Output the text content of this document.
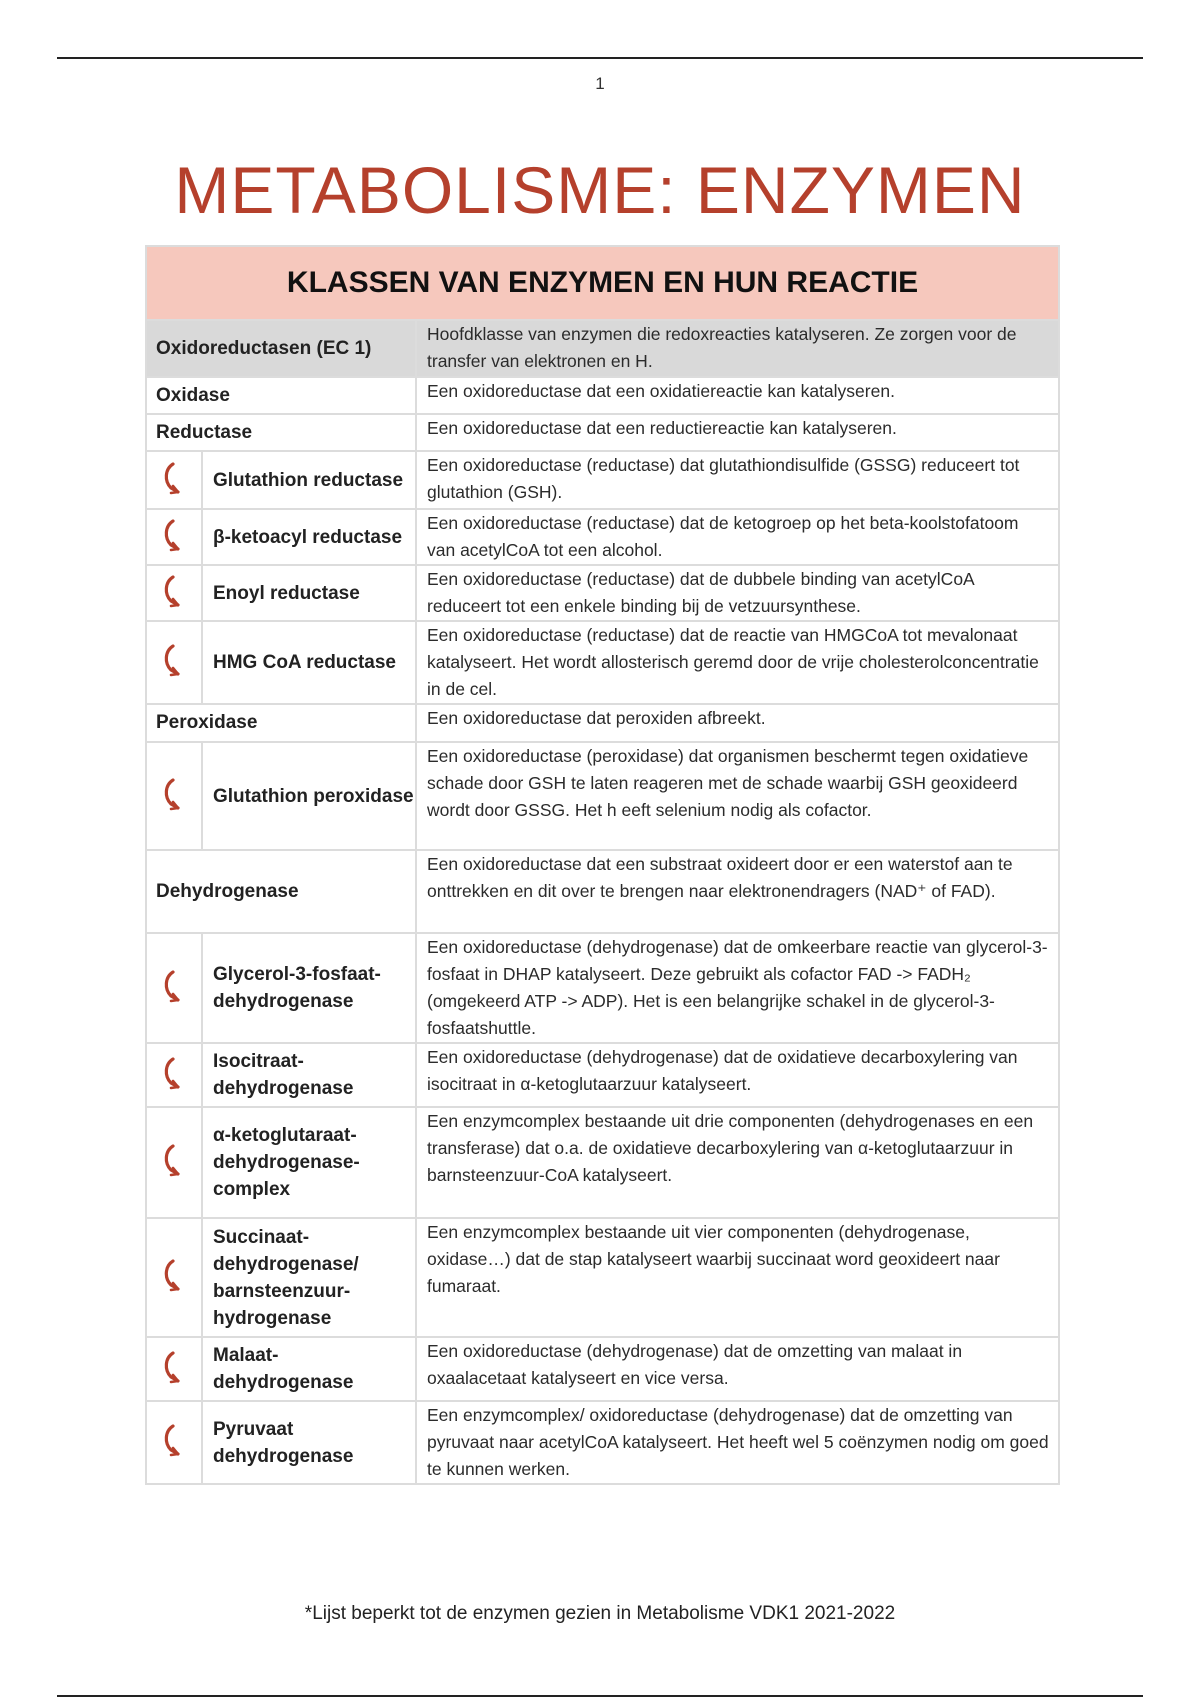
1
METABOLISME: ENZYMEN
KLASSEN VAN ENZYMEN EN HUN REACTIE		
Oxidoreductasen (EC 1)		Hoofdklasse van enzymen die redoxreacties katalyseren. Ze zorgen voor de transfer van elektronen en H.
Oxidase		Een oxidoreductase dat een oxidatiereactie kan katalyseren.
Reductase		Een oxidoreductase dat een reductiereactie kan katalyseren.
	Glutathion reductase	Een oxidoreductase (reductase) dat glutathiondisulfide (GSSG) reduceert tot glutathion (GSH).
	β-ketoacyl reductase	Een oxidoreductase (reductase) dat de ketogroep op het beta-koolstofatoom van acetylCoA tot een alcohol.
	Enoyl reductase	Een oxidoreductase (reductase) dat de dubbele binding van acetylCoA reduceert tot een enkele binding bij de vetzuursynthese.
	HMG CoA reductase	Een oxidoreductase (reductase) dat de reactie van HMGCoA tot mevalonaat katalyseert. Het wordt allosterisch geremd door de vrije cholesterolconcentratie in de cel.
Peroxidase		Een oxidoreductase dat peroxiden afbreekt.
	Glutathion peroxidase	Een oxidoreductase (peroxidase) dat organismen beschermt tegen oxidatieve schade door GSH te laten reageren met de schade waarbij GSH geoxideerd wordt door GSSG. Het h eeft selenium nodig als cofactor.
Dehydrogenase		Een oxidoreductase dat een substraat oxideert door er een waterstof aan te onttrekken en dit over te brengen naar elektronendragers (NAD⁺ of FAD).
	Glycerol-3-fosfaat-dehydrogenase	Een oxidoreductase (dehydrogenase) dat de omkeerbare reactie van glycerol-3-fosfaat in DHAP katalyseert. Deze gebruikt als cofactor FAD -> FADH₂ (omgekeerd ATP -> ADP). Het is een belangrijke schakel in de glycerol-3-fosfaatshuttle.
	Isocitraat-dehydrogenase	Een oxidoreductase (dehydrogenase) dat de oxidatieve decarboxylering van isocitraat in α-ketoglutaarzuur katalyseert.
	α-ketoglutaraat-dehydrogenase-complex	Een enzymcomplex bestaande uit drie componenten (dehydrogenases en een transferase) dat o.a. de oxidatieve decarboxylering van α-ketoglutaarzuur in barnsteenzuur-CoA katalyseert.
	Succinaat-dehydrogenase/ barnsteenzuur-hydrogenase	Een enzymcomplex bestaande uit vier componenten (dehydrogenase, oxidase…) dat de stap katalyseert waarbij succinaat word geoxideert naar fumaraat.
	Malaat-dehydrogenase	Een oxidoreductase (dehydrogenase) dat de omzetting van malaat in oxaalacetaat katalyseert en vice versa.
	Pyruvaat dehydrogenase	Een enzymcomplex/ oxidoreductase (dehydrogenase) dat de omzetting van pyruvaat naar acetylCoA katalyseert. Het heeft wel 5 coënzymen nodig om goed te kunnen werken.
*Lijst beperkt tot de enzymen gezien in Metabolisme VDK1 2021-2022
